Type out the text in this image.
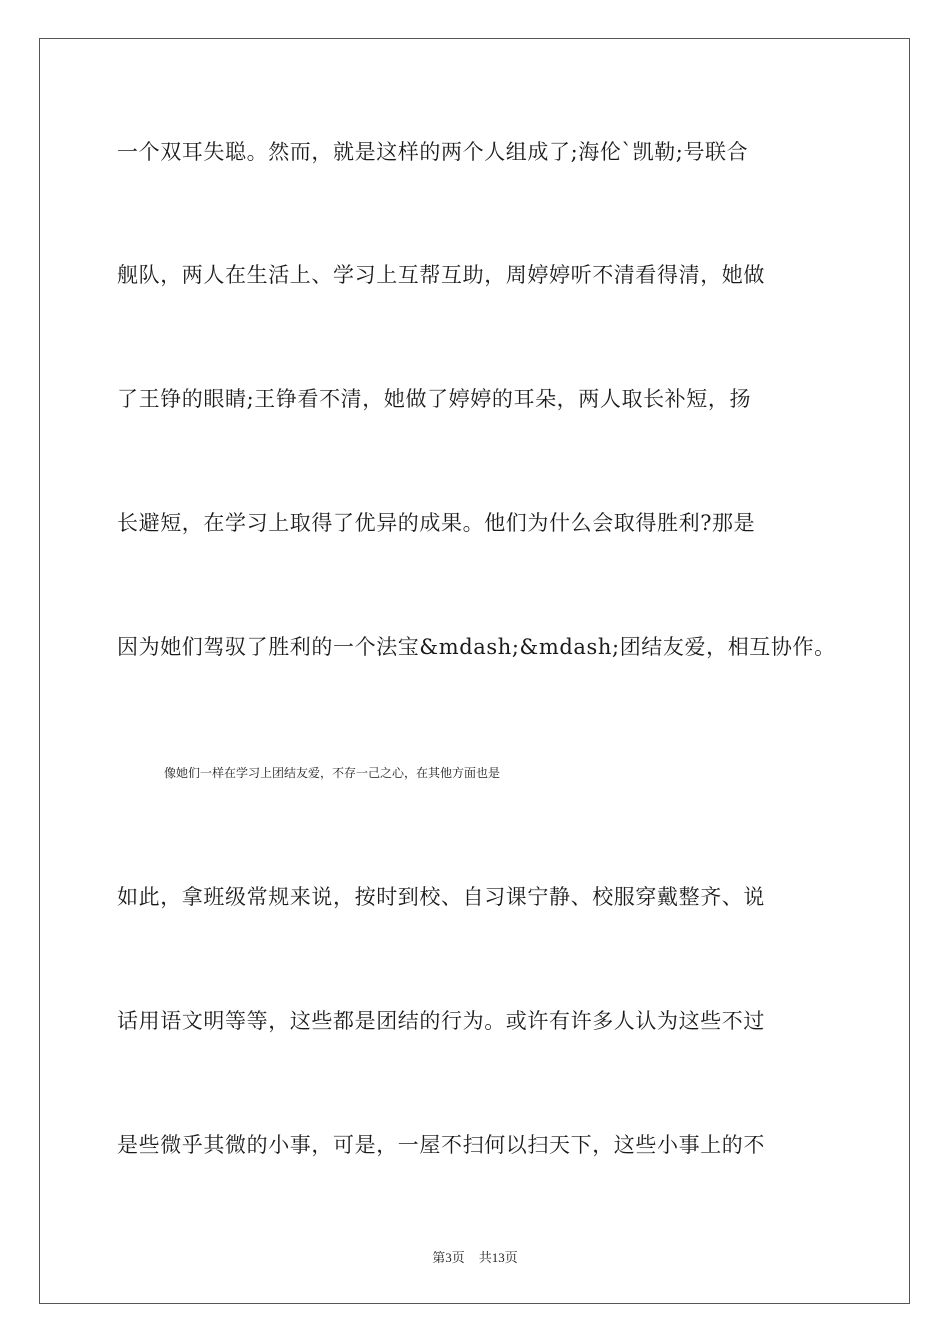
一个双耳失聪。然而，就是这样的两个人组成了;海伦`凯勒;号联合
舰队，两人在生活上、学习上互帮互助，周婷婷听不清看得清，她做
了王铮的眼睛;王铮看不清，她做了婷婷的耳朵，两人取长补短，扬
长避短，在学习上取得了优异的成果。他们为什么会取得胜利?那是
因为她们驾驭了胜利的一个法宝&mdash;&mdash;团结友爱，相互协作。
像她们一样在学习上团结友爱，不存一己之心，在其他方面也是
如此，拿班级常规来说，按时到校、自习课宁静、校服穿戴整齐、说
话用语文明等等，这些都是团结的行为。或许有许多人认为这些不过
是些微乎其微的小事，可是，一屋不扫何以扫天下，这些小事上的不
第3页 共13页
